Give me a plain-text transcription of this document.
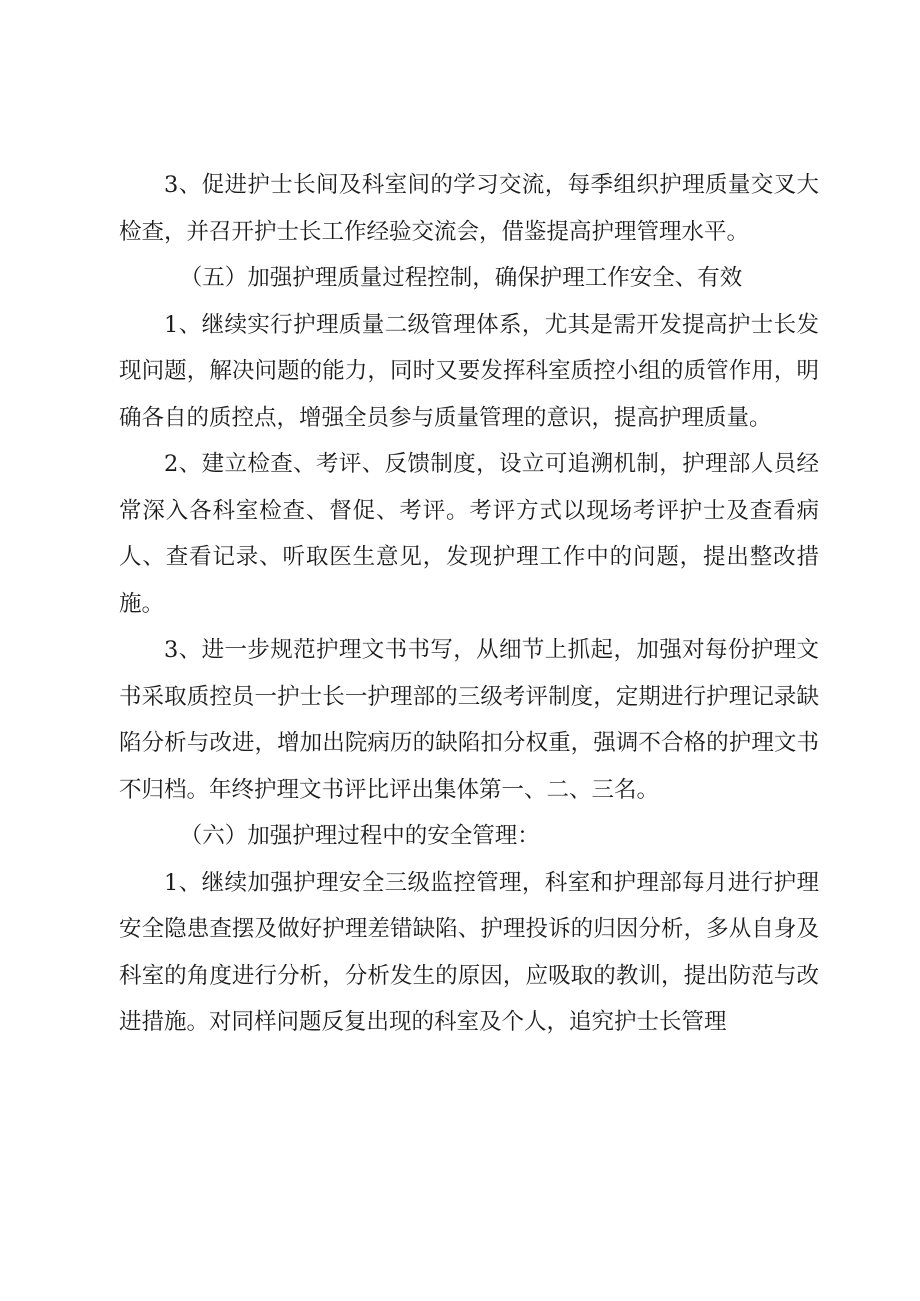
3、促进护士长间及科室间的学习交流，每季组织护理质量交叉大检查，并召开护士长工作经验交流会，借鉴提高护理管理水平。

（五）加强护理质量过程控制，确保护理工作安全、有效

1、继续实行护理质量二级管理体系，尤其是需开发提高护士长发现问题，解决问题的能力，同时又要发挥科室质控小组的质管作用，明确各自的质控点，增强全员参与质量管理的意识，提高护理质量。

2、建立检查、考评、反馈制度，设立可追溯机制，护理部人员经常深入各科室检查、督促、考评。考评方式以现场考评护士及查看病人、查看记录、听取医生意见，发现护理工作中的问题，提出整改措施。

3、进一步规范护理文书书写，从细节上抓起，加强对每份护理文书采取质控员一护士长一护理部的三级考评制度，定期进行护理记录缺陷分析与改进，增加出院病历的缺陷扣分权重，强调不合格的护理文书不归档。年终护理文书评比评出集体第一、二、三名。

（六）加强护理过程中的安全管理：

1、继续加强护理安全三级监控管理，科室和护理部每月进行护理安全隐患查摆及做好护理差错缺陷、护理投诉的归因分析，多从自身及科室的角度进行分析，分析发生的原因，应吸取的教训，提出防范与改进措施。对同样问题反复出现的科室及个人，追究护士长管理
